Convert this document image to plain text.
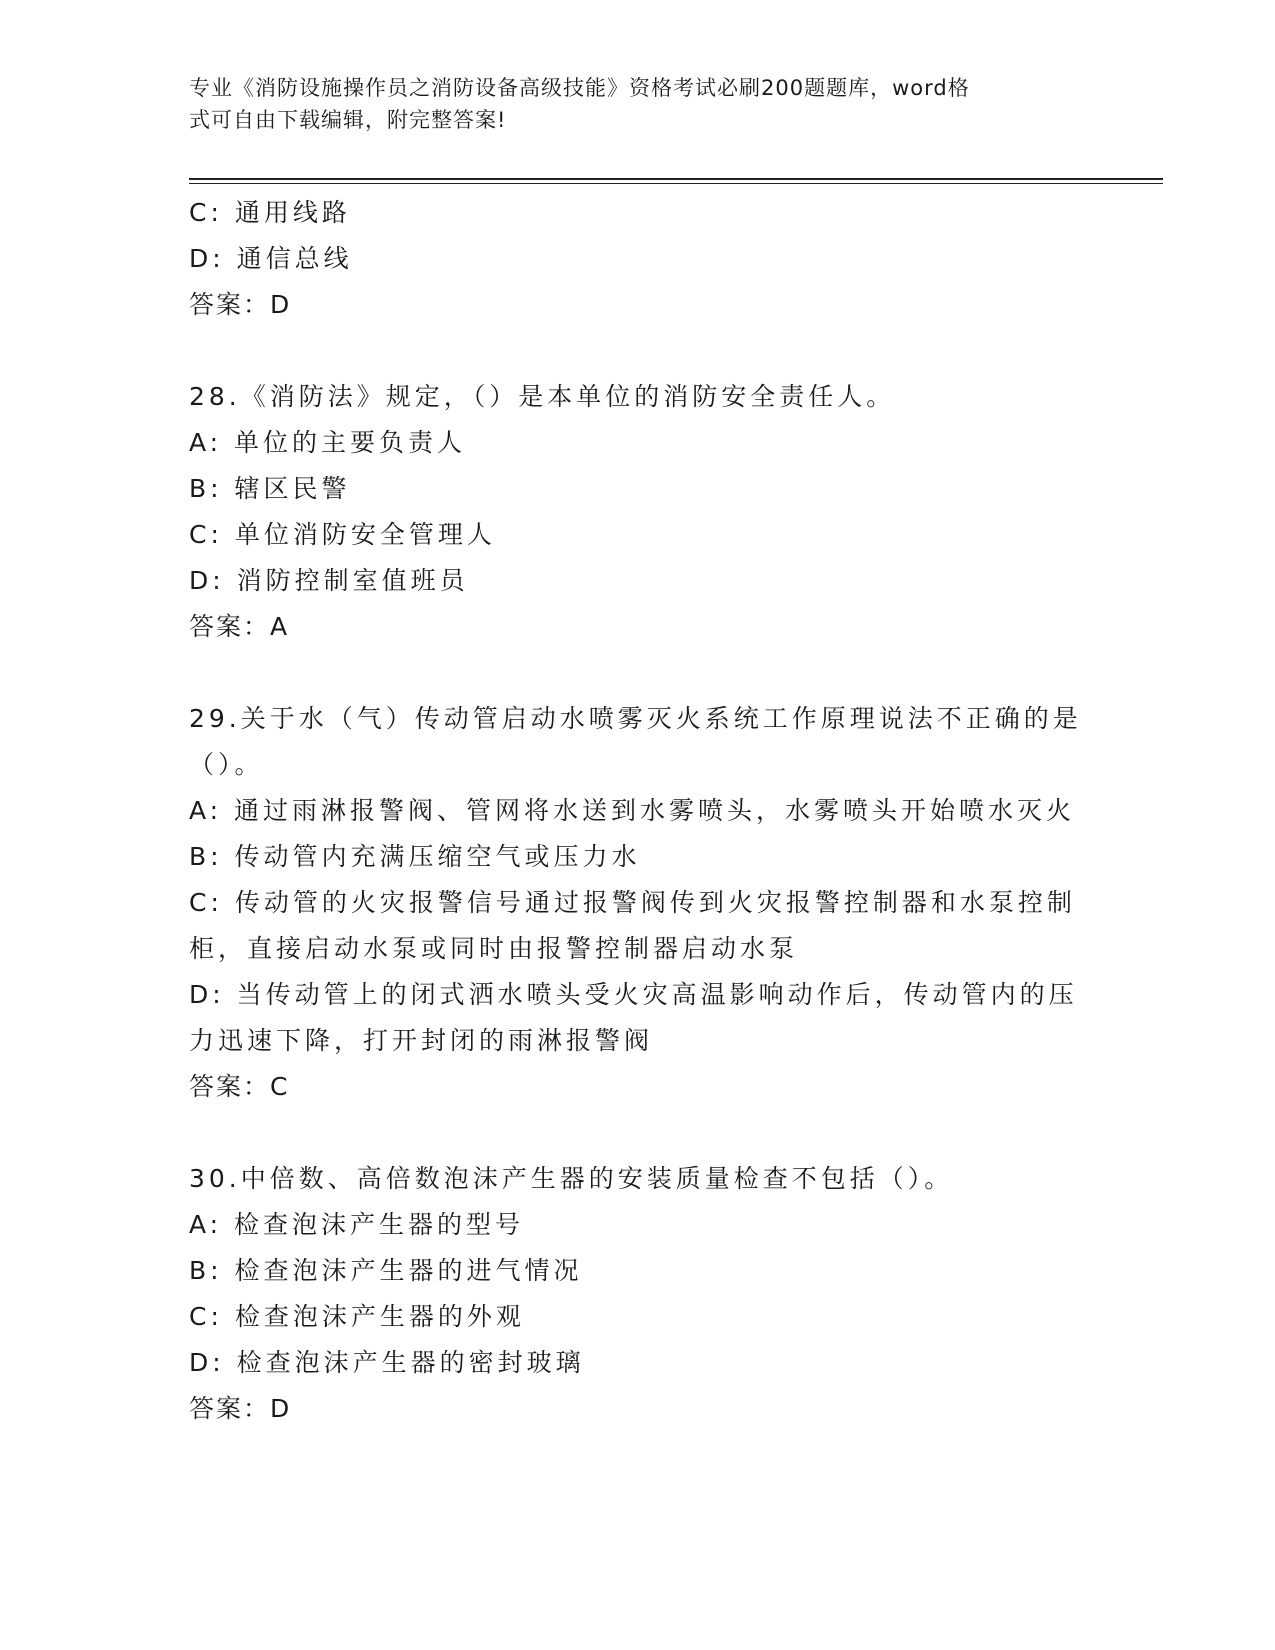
专业《消防设施操作员之消防设备高级技能》资格考试必刷200题题库，word格
式可自由下载编辑，附完整答案!
C: 通用线路
D: 通信总线
答案：D
28.《消防法》规定，（）是本单位的消防安全责任人。
A: 单位的主要负责人
B: 辖区民警
C: 单位消防安全管理人
D: 消防控制室值班员
答案：A
29.关于水（气）传动管启动水喷雾灭火系统工作原理说法不正确的是
（）。
A: 通过雨淋报警阀、管网将水送到水雾喷头，水雾喷头开始喷水灭火
B: 传动管内充满压缩空气或压力水
C: 传动管的火灾报警信号通过报警阀传到火灾报警控制器和水泵控制
柜，直接启动水泵或同时由报警控制器启动水泵
D: 当传动管上的闭式洒水喷头受火灾高温影响动作后，传动管内的压
力迅速下降，打开封闭的雨淋报警阀
答案：C
30.中倍数、高倍数泡沫产生器的安装质量检查不包括（）。
A: 检查泡沫产生器的型号
B: 检查泡沫产生器的进气情况
C: 检查泡沫产生器的外观
D: 检查泡沫产生器的密封玻璃
答案：D
